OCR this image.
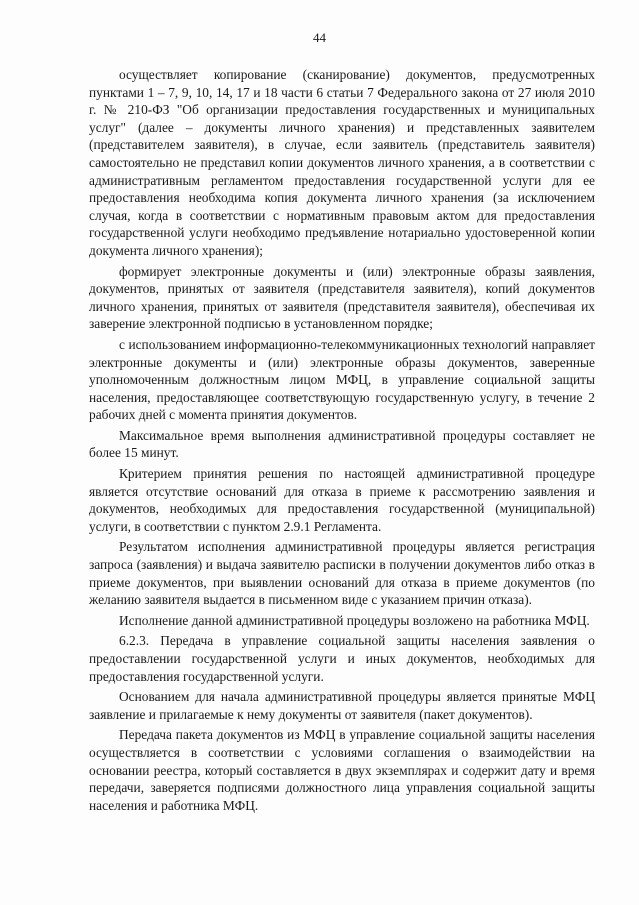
44

осуществляет копирование (сканирование) документов, предусмотренных пунктами 1 – 7, 9, 10, 14, 17 и 18 части 6 статьи 7 Федерального закона от 27 июля 2010 г. № 210-ФЗ "Об организации предоставления государственных и муниципальных услуг" (далее – документы личного хранения) и представленных заявителем (представителем заявителя), в случае, если заявитель (представитель заявителя) самостоятельно не представил копии документов личного хранения, а в соответствии с административным регламентом предоставления государственной услуги для ее предоставления необходима копия документа личного хранения (за исключением случая, когда в соответствии с нормативным правовым актом для предоставления государственной услуги необходимо предъявление нотариально удостоверенной копии документа личного хранения);

формирует электронные документы и (или) электронные образы заявления, документов, принятых от заявителя (представителя заявителя), копий документов личного хранения, принятых от заявителя (представителя заявителя), обеспечивая их заверение электронной подписью в установленном порядке;

с использованием информационно-телекоммуникационных технологий направляет электронные документы и (или) электронные образы документов, заверенные уполномоченным должностным лицом МФЦ, в управление социальной защиты населения, предоставляющее соответствующую государственную услугу, в течение 2 рабочих дней с момента принятия документов.

Максимальное время выполнения административной процедуры составляет не более 15 минут.

Критерием принятия решения по настоящей административной процедуре является отсутствие оснований для отказа в приеме к рассмотрению заявления и документов, необходимых для предоставления государственной (муниципальной) услуги, в соответствии с пунктом 2.9.1 Регламента.

Результатом исполнения административной процедуры является регистрация запроса (заявления) и выдача заявителю расписки в получении документов либо отказ в приеме документов, при выявлении оснований для отказа в приеме документов (по желанию заявителя выдается в письменном виде с указанием причин отказа).

Исполнение данной административной процедуры возложено на работника МФЦ.

6.2.3. Передача в управление социальной защиты населения заявления о предоставлении государственной услуги и иных документов, необходимых для предоставления государственной услуги.

Основанием для начала административной процедуры является принятые МФЦ заявление и прилагаемые к нему документы от заявителя (пакет документов).

Передача пакета документов из МФЦ в управление социальной защиты населения осуществляется в соответствии с условиями соглашения о взаимодействии на основании реестра, который составляется в двух экземплярах и содержит дату и время передачи, заверяется подписями должностного лица управления социальной защиты населения и работника МФЦ.
